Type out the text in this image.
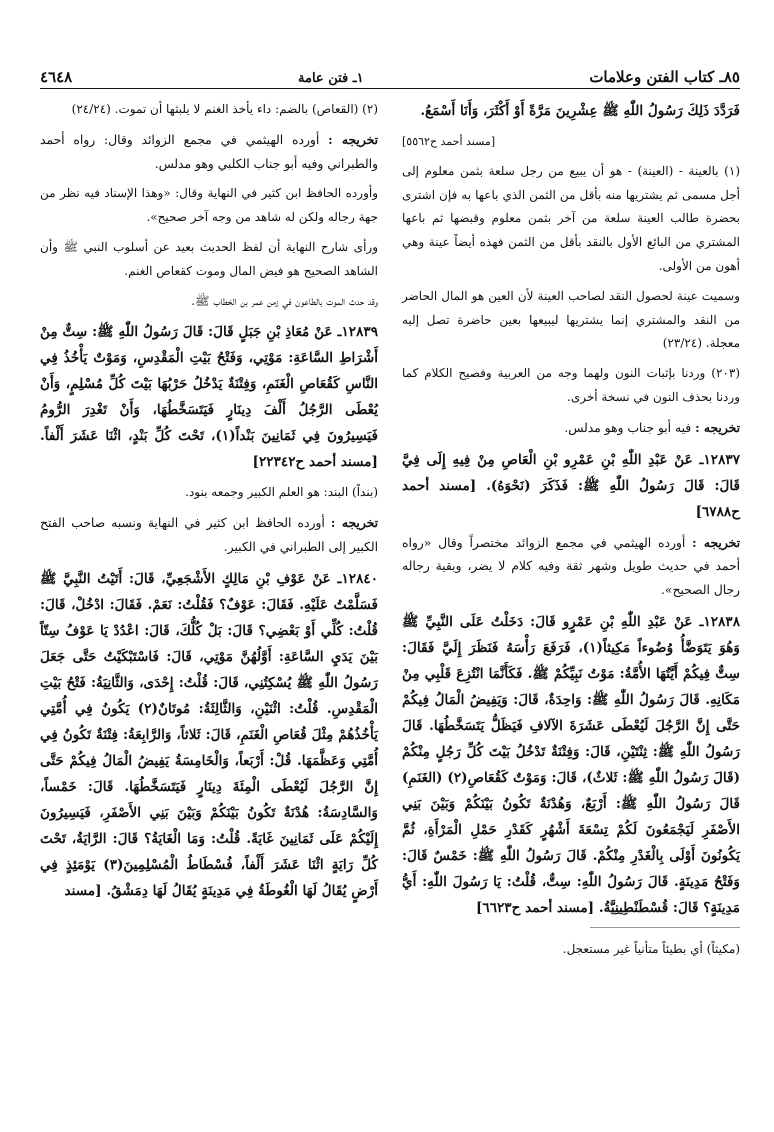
٨٥ـ كتاب الفتن وعلامات
١ـ فتن عامة
٤٦٤٨

فَرَدَّدَ ذَلِكَ رَسُولُ اللّٰهِ ﷺ عِشْرِينَ مَرَّةً أَوْ أَكْثَرَ، وَأَنَا أَسْمَعُ.

[مسند أحمد ح٥٥٦٢]

(١) بالعينة - (العينة) - هو أن يبيع من رجل سلعة بثمن معلوم إلى أجل مسمى ثم يشتريها منه بأقل من الثمن الذي باعها به فإن اشترى بحضرة طالب العينة سلعة من آخر بثمن معلوم وقبضها ثم باعها المشتري من البائع الأول بالنقد بأقل من الثمن فهذه أيضاً عينة وهي أهون من الأولى.

وسميت عينة لحصول النقد لصاحب العينة لأن العين هو المال الحاضر من النقد والمشتري إنما يشتريها ليبيعها بعين حاضرة تصل إليه معجلة. (٢٣/٢٤)

(٢٠٣) وردنا بإثبات النون ولهما وجه من العربية وفصيح الكلام كما وردنا بحذف النون في نسخة أخرى.

تخريجه : فيه أبو جناب وهو مدلس.

١٢٨٣٧ـ عَنْ عَبْدِ اللّٰهِ بْنِ عَمْرِو بْنِ الْعَاصِ مِنْ فِيهِ إِلَى فِيَّ قَالَ: قَالَ رَسُولُ اللّٰهِ ﷺ: فَذَكَرَ (نَحْوَهُ). [مسند أحمد ح٦٧٨٨]

تخريجه : أورده الهيثمي في مجمع الزوائد مختصراً وقال «رواه أحمد في حديث طويل وشهر ثقة وفيه كلام لا يضر، وبقية رجاله رجال الصحيح».

١٢٨٣٨ـ عَنْ عَبْدِ اللّٰهِ بْنِ عَمْرٍو قَالَ: دَخَلْتُ عَلَى النَّبِيِّ ﷺ وَهُوَ يَتَوَضَّأُ وُضُوءاً مَكِيثاً(١)، فَرَفَعَ رَأْسَهُ فَنَظَرَ إِلَيَّ فَقَالَ: سِتٌّ فِيكُمْ أَيَّتُهَا الأُمَّةُ: مَوْتُ نَبِيِّكُمْ ﷺ. فَكَأَنَّمَا انْتُزِعَ قَلْبِي مِنْ مَكَانِهِ. قَالَ رَسُولُ اللّٰهِ ﷺ: وَاحِدَةٌ، قَالَ: وَيَفِيضُ الْمَالُ فِيكُمْ حَتَّى إِنَّ الرَّجُلَ لَيُعْطَى عَشَرَةَ الآلافِ فَيَظَلُّ يَتَسَخَّطُهَا. قَالَ رَسُولُ اللّٰهِ ﷺ: ثِنْتَيْنِ، قَالَ: وَفِتْنَةٌ تَدْخُلُ بَيْتَ كُلِّ رَجُلٍ مِنْكُمْ (قَالَ رَسُولُ اللّٰهِ ﷺ: ثَلاثٌ)، قَالَ: وَمَوْتٌ كَقُعَاصِ(٢) (الغَنَمِ) قَالَ رَسُولُ اللّٰهِ ﷺ: أَرْبَعٌ، وَهُدْنَةٌ تَكُونُ بَيْنَكُمْ وَبَيْنَ بَنِي الأَصْفَرِ لَيَجْمَعُونَ لَكُمْ تِسْعَةَ أَشْهُرٍ كَقَدْرِ حَمْلِ الْمَرْأَةِ، ثُمَّ يَكُونُونَ أَوْلَى بِالْغَدْرِ مِنْكُمْ. قَالَ رَسُولُ اللّٰهِ ﷺ: خَمْسٌ قَالَ: وَفَتْحُ مَدِينَةٍ. قَالَ رَسُولُ اللّٰهِ: سِتٌّ، قُلْتُ: يَا رَسُولَ اللّٰهِ: أَيُّ مَدِينَةٍ؟ قَالَ: قُسْطَنْطِينِيَّةُ. [مسند أحمد ح٦٦٢٣]

(مكيثاً) أي بطيئاً متأنياً غير مستعجل.

(٢) (القعاص) بالضم: داء يأخذ الغنم لا يلبثها أن تموت. (٢٤/٢٤)

تخريجه : أورده الهيثمي في مجمع الزوائد وقال: رواه أحمد والطبراني وفيه أبو جناب الكلبي وهو مدلس.

وأورده الحافظ ابن كثير في النهاية وقال: «وهذا الإسناد فيه نظر من جهة رجاله ولكن له شاهد من وجه آخر صحيح».

ورأى شارح النهاية أن لفظ الحديث بعيد عن أسلوب النبي ﷺ وأن الشاهد الصحيح هو فيض المال وموت كقعاص الغنم.

وقد حدث الموت بالطاعون في زمن عمر بن الخطاب ﷺ.

١٢٨٣٩ـ عَنْ مُعَاذِ بْنِ جَبَلٍ قَالَ: قَالَ رَسُولُ اللّٰهِ ﷺ: سِتٌّ مِنْ أَشْرَاطِ السَّاعَةِ: مَوْتِي، وَفَتْحُ بَيْتِ الْمَقْدِسِ، وَمَوْتٌ يَأْخُذُ فِي النَّاسِ كَقُعَاصِ الْغَنَمِ، وَفِتْنَةٌ يَدْخُلُ حَرْبُهَا بَيْتَ كُلِّ مُسْلِمٍ، وَأَنْ يُعْطَى الرَّجُلُ أَلْفَ دِينَارٍ فَيَتَسَخَّطُهَا، وَأَنْ تَغْدِرَ الرُّومُ فَيَسِيرُونَ فِي ثَمَانِينَ بَنْداً(١)، تَحْتَ كُلِّ بَنْدٍ، اثْنَا عَشَرَ أَلْفاً. [مسند أحمد ح٢٢٣٤٢]

(بنداً) البند: هو العلم الكبير وجمعه بنود.

تخريجه : أورده الحافظ ابن كثير في النهاية ونسبه صاحب الفتح الكبير إلى الطبراني في الكبير.

١٢٨٤٠ـ عَنْ عَوْفِ بْنِ مَالِكٍ الأَشْجَعِيِّ، قَالَ: أَتَيْتُ النَّبِيَّ ﷺ فَسَلَّمْتُ عَلَيْهِ. فَقَالَ: عَوْفٌ؟ فَقُلْتُ: نَعَمْ. فَقَالَ: ادْخُلْ، قَالَ: قُلْتُ: كُلِّي أَوْ بَعْضِي؟ قَالَ: بَلْ كُلُّكَ، قَالَ: اعْدُدْ يَا عَوْفُ سِتّاً بَيْنَ يَدَيِ السَّاعَةِ: أَوَّلُهُنَّ مَوْتِي، قَالَ: فَاسْتَبْكَيْتُ حَتَّى جَعَلَ رَسُولُ اللّٰهِ ﷺ يُسْكِتُنِي، قَالَ: قُلْتُ: إِحْدَى، وَالثَّانِيَةُ: فَتْحُ بَيْتِ الْمَقْدِسِ. قُلْتُ: اثْنَيْنِ، وَالثَّالِثَةُ: مُوتَانٌ(٢) يَكُونُ فِي أُمَّتِي يَأْخُذُهُمْ مِثْلَ قُعَاصِ الْغَنَمِ، قَالَ: ثَلاثاً، وَالرَّابِعَةُ: فِتْنَةٌ تَكُونُ فِي أُمَّتِي وَعَظَّمَهَا. قُلْ: أَرْبَعاً، وَالْخَامِسَةُ يَفِيضُ الْمَالُ فِيكُمْ حَتَّى إِنَّ الرَّجُلَ لَيُعْطَى الْمِئَةَ دِينَارٍ فَيَتَسَخَّطُهَا. قَالَ: خَمْساً، وَالسَّادِسَةُ: هُدْنَةٌ تَكُونُ بَيْنَكُمْ وَبَيْنَ بَنِي الأَصْفَرِ، فَيَسِيرُونَ إِلَيْكُمْ عَلَى ثَمَانِينَ غَايَةً. قُلْتُ: وَمَا الْغَايَةُ؟ قَالَ: الرَّايَةُ، تَحْتَ كُلِّ رَايَةٍ اثْنَا عَشَرَ أَلْفاً، فُسْطَاطُ الْمُسْلِمِينَ(٣) يَوْمَئِذٍ فِي أَرْضٍ يُقَالُ لَهَا الْغُوطَةُ فِي مَدِينَةٍ يُقَالُ لَهَا دِمَشْقُ. [مسند
